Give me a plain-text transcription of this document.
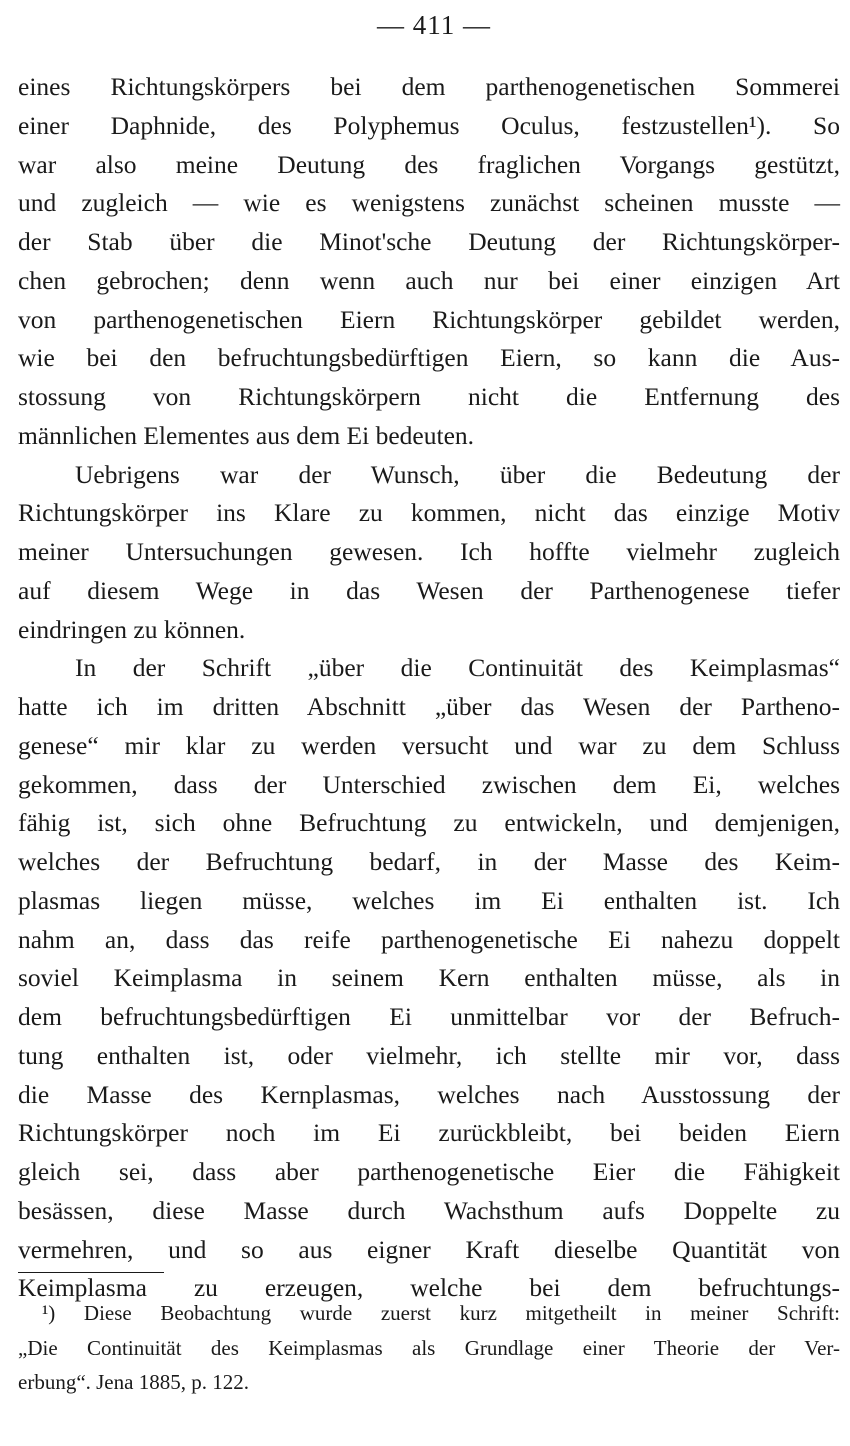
— 411 —
eines Richtungskörpers bei dem parthenogenetischen Sommerei
einer Daphnide, des Polyphemus Oculus, festzustellen¹). So
war also meine Deutung des fraglichen Vorgangs gestützt,
und zugleich — wie es wenigstens zunächst scheinen musste —
der Stab über die Minot'sche Deutung der Richtungskörper-
chen gebrochen; denn wenn auch nur bei einer einzigen Art
von parthenogenetischen Eiern Richtungskörper gebildet werden,
wie bei den befruchtungsbedürftigen Eiern, so kann die Aus-
stossung von Richtungskörpern nicht die Entfernung des
männlichen Elementes aus dem Ei bedeuten.
Uebrigens war der Wunsch, über die Bedeutung der
Richtungskörper ins Klare zu kommen, nicht das einzige Motiv
meiner Untersuchungen gewesen. Ich hoffte vielmehr zugleich
auf diesem Wege in das Wesen der Parthenogenese tiefer
eindringen zu können.
In der Schrift „über die Continuität des Keimplasmas“
hatte ich im dritten Abschnitt „über das Wesen der Partheno-
genese“ mir klar zu werden versucht und war zu dem Schluss
gekommen, dass der Unterschied zwischen dem Ei, welches
fähig ist, sich ohne Befruchtung zu entwickeln, und demjenigen,
welches der Befruchtung bedarf, in der Masse des Keim-
plasmas liegen müsse, welches im Ei enthalten ist. Ich
nahm an, dass das reife parthenogenetische Ei nahezu doppelt
soviel Keimplasma in seinem Kern enthalten müsse, als in
dem befruchtungsbedürftigen Ei unmittelbar vor der Befruch-
tung enthalten ist, oder vielmehr, ich stellte mir vor, dass
die Masse des Kernplasmas, welches nach Ausstossung der
Richtungskörper noch im Ei zurückbleibt, bei beiden Eiern
gleich sei, dass aber parthenogenetische Eier die Fähigkeit
besässen, diese Masse durch Wachsthum aufs Doppelte zu
vermehren, und so aus eigner Kraft dieselbe Quantität von
Keimplasma zu erzeugen, welche bei dem befruchtungs-
¹) Diese Beobachtung wurde zuerst kurz mitgetheilt in meiner Schrift:
„Die Continuität des Keimplasmas als Grundlage einer Theorie der Ver-
erbung“. Jena 1885, p. 122.
